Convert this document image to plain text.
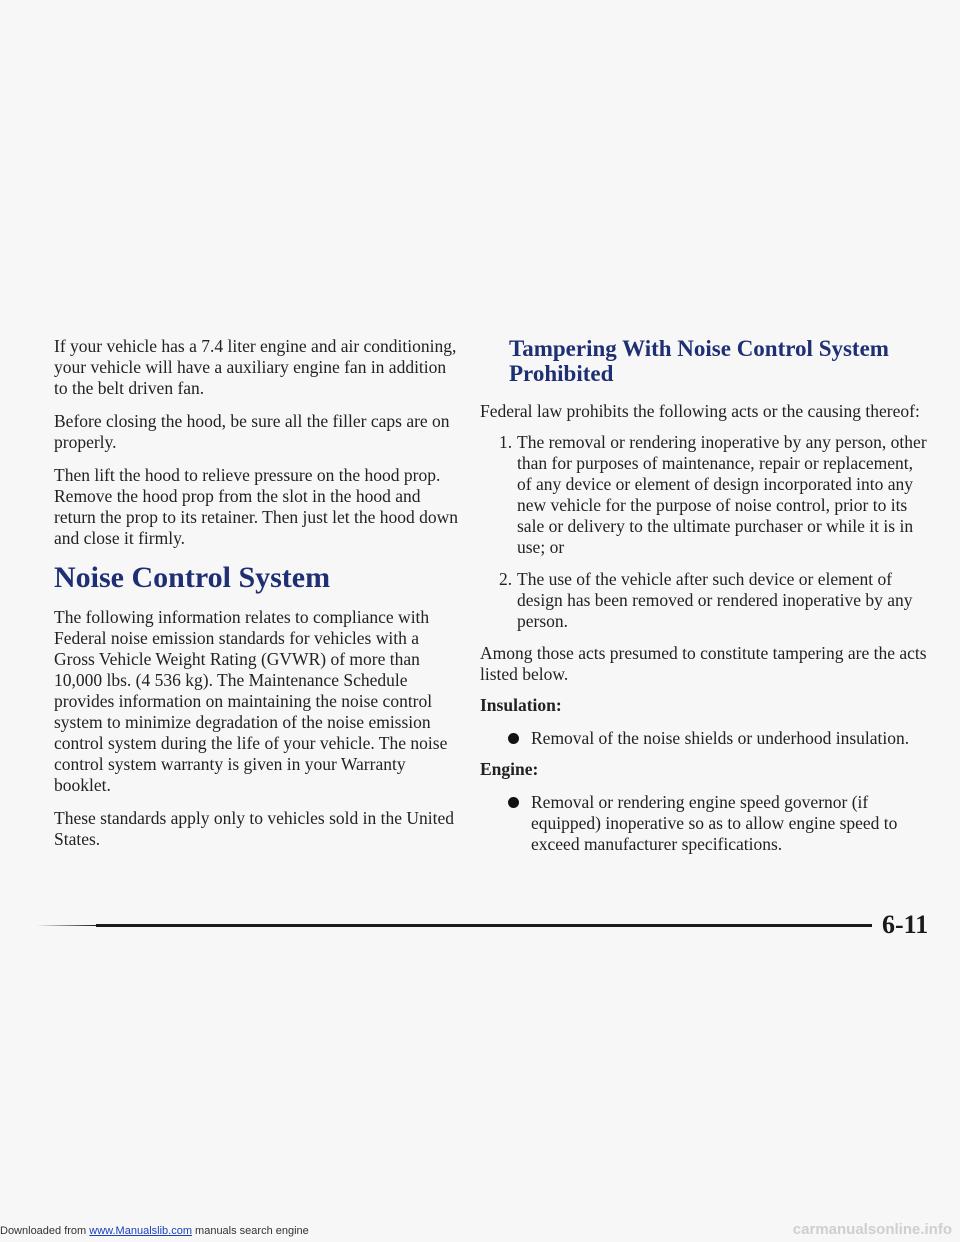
If your vehicle has a 7.4 liter engine and air conditioning, your vehicle will have a auxiliary engine fan in addition to the belt driven fan.

Before closing the hood, be sure all the filler caps are on properly.

Then lift the hood to relieve pressure on the hood prop. Remove the hood prop from the slot in the hood and return the prop to its retainer. Then just let the hood down and close it firmly.

Noise Control System

The following information relates to compliance with Federal noise emission standards for vehicles with a Gross Vehicle Weight Rating (GVWR) of more than 10,000 lbs. (4 536 kg). The Maintenance Schedule provides information on maintaining the noise control system to minimize degradation of the noise emission control system during the life of your vehicle. The noise control system warranty is given in your Warranty booklet.

These standards apply only to vehicles sold in the United States.

Tampering With Noise Control System Prohibited

Federal law prohibits the following acts or the causing thereof:

1. The removal or rendering inoperative by any person, other than for purposes of maintenance, repair or replacement, of any device or element of design incorporated into any new vehicle for the purpose of noise control, prior to its sale or delivery to the ultimate purchaser or while it is in use; or
2. The use of the vehicle after such device or element of design has been removed or rendered inoperative by any person.

Among those acts presumed to constitute tampering are the acts listed below.

Insulation:
Removal of the noise shields or underhood insulation.
Engine:
Removal or rendering engine speed governor (if equipped) inoperative so as to allow engine speed to exceed manufacturer specifications.
6-11
Downloaded from www.Manualslib.com manuals search engine	carmanualsonline.info
